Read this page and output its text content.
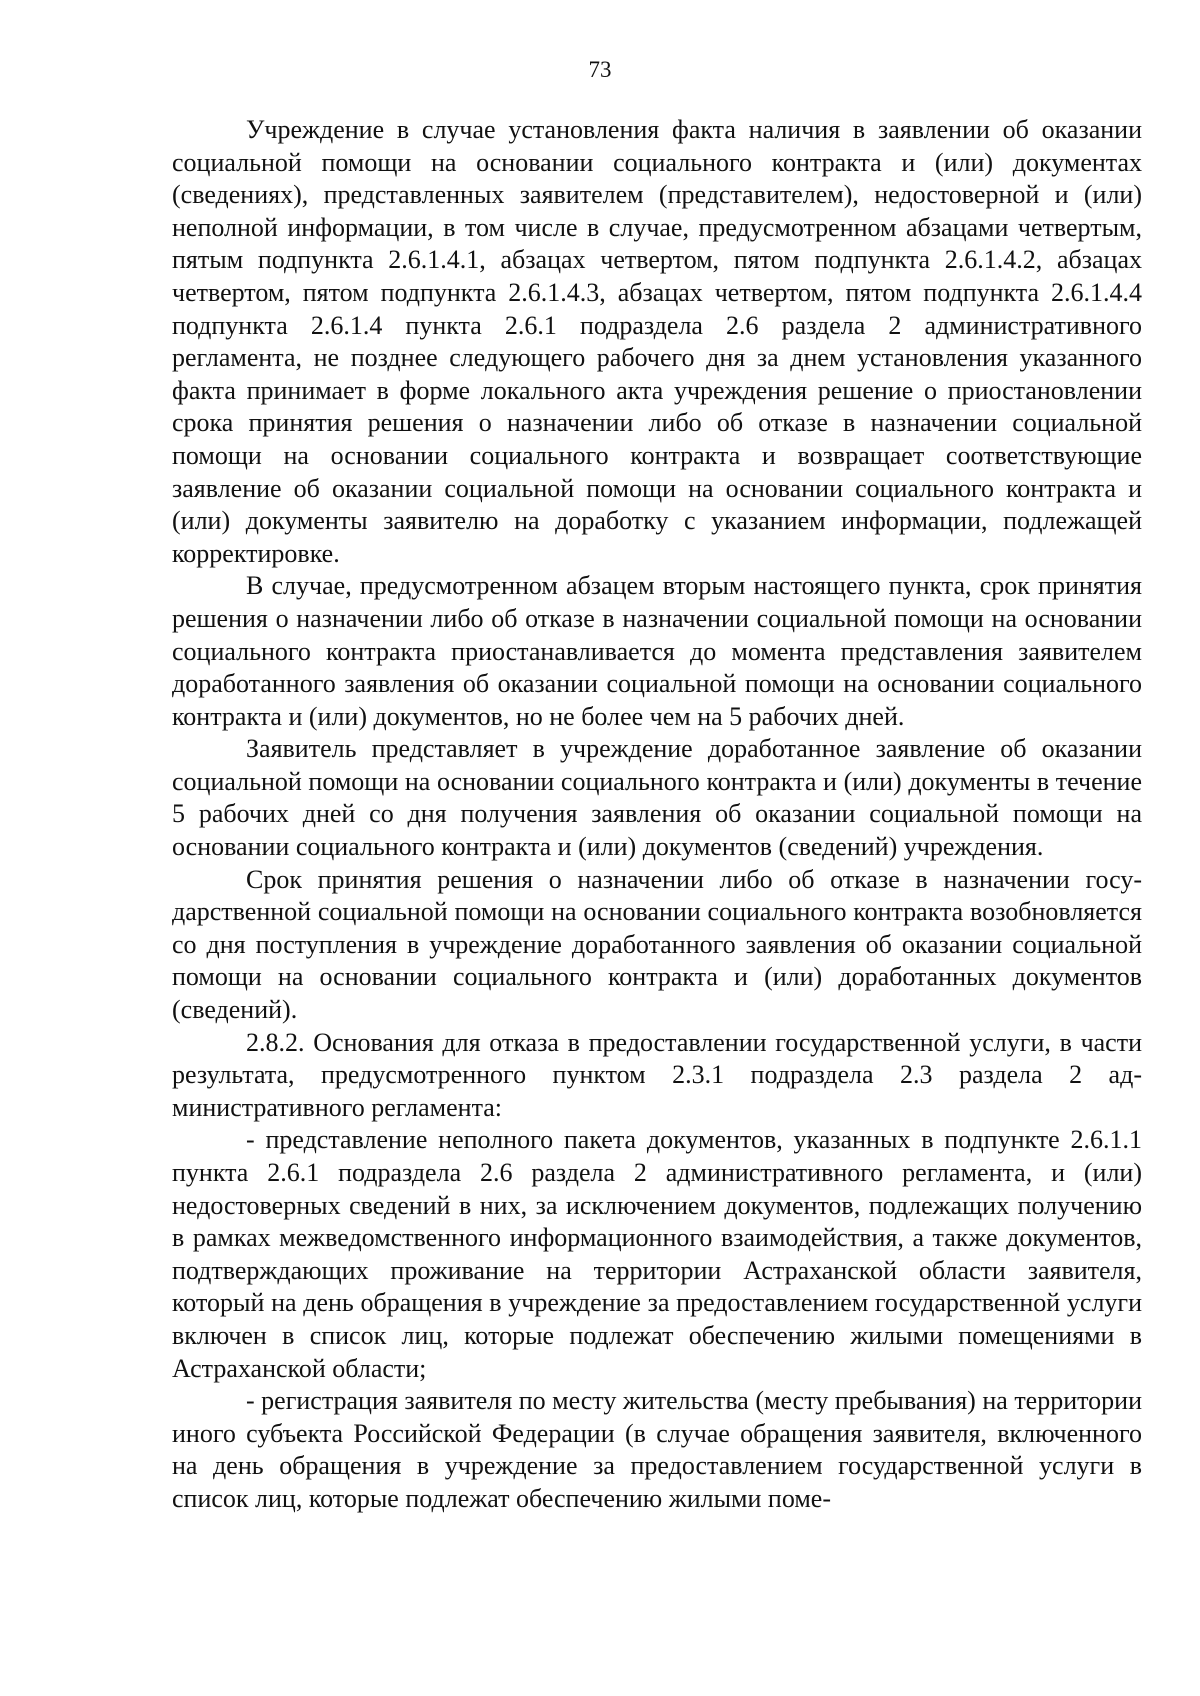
73

Учреждение в случае установления факта наличия в заявлении об оказании социальной помощи на основании социального контракта и (или) документах (сведениях), представленных заявителем (представителем), недостоверной и (или) неполной информации, в том числе в случае, предусмотренном абзацами четвертым, пятым подпункта 2.6.1.4.1, абзацах четвертом, пятом подпункта 2.6.1.4.2, абзацах четвертом, пятом подпункта 2.6.1.4.3, абзацах четвертом, пятом подпункта 2.6.1.4.4 подпункта 2.6.1.4 пункта 2.6.1 подраздела 2.6 раздела 2 административного регламента, не позднее следующего рабочего дня за днем установления указанного факта принимает в форме локального акта учреждения решение о приостановлении срока принятия решения о назначении либо об отказе в назначении социальной помощи на основании социального контракта и возвращает соответствующие заявление об оказании социальной помощи на основании социального контракта и (или) документы заявителю на доработку с указанием информации, подлежащей корректировке.

В случае, предусмотренном абзацем вторым настоящего пункта, срок принятия решения о назначении либо об отказе в назначении социальной помощи на основании социального контракта приостанавливается до момента представления заявителем доработанного заявления об оказании социальной помощи на основании социального контракта и (или) документов, но не более чем на 5 рабочих дней.

Заявитель представляет в учреждение доработанное заявление об оказании социальной помощи на основании социального контракта и (или) документы в течение 5 рабочих дней со дня получения заявления об оказании социальной помощи на основании социального контракта и (или) документов (сведений) учреждения.

Срок принятия решения о назначении либо об отказе в назначении государственной социальной помощи на основании социального контракта возобновляется со дня поступления в учреждение доработанного заявления об оказании социальной помощи на основании социального контракта и (или) доработанных документов (сведений).

2.8.2. Основания для отказа в предоставлении государственной услуги, в части результата, предусмотренного пунктом 2.3.1 подраздела 2.3 раздела 2 административного регламента:

- представление неполного пакета документов, указанных в подпункте 2.6.1.1 пункта 2.6.1 подраздела 2.6 раздела 2 административного регламента, и (или) недостоверных сведений в них, за исключением документов, подлежащих получению в рамках межведомственного информационного взаимодействия, а также документов, подтверждающих проживание на территории Астраханской области заявителя, который на день обращения в учреждение за предоставлением государственной услуги включен в список лиц, которые подлежат обеспечению жилыми помещениями в Астраханской области;

- регистрация заявителя по месту жительства (месту пребывания) на территории иного субъекта Российской Федерации (в случае обращения заявителя, включенного на день обращения в учреждение за предоставлением государственной услуги в список лиц, которые подлежат обеспечению жилыми поме-
